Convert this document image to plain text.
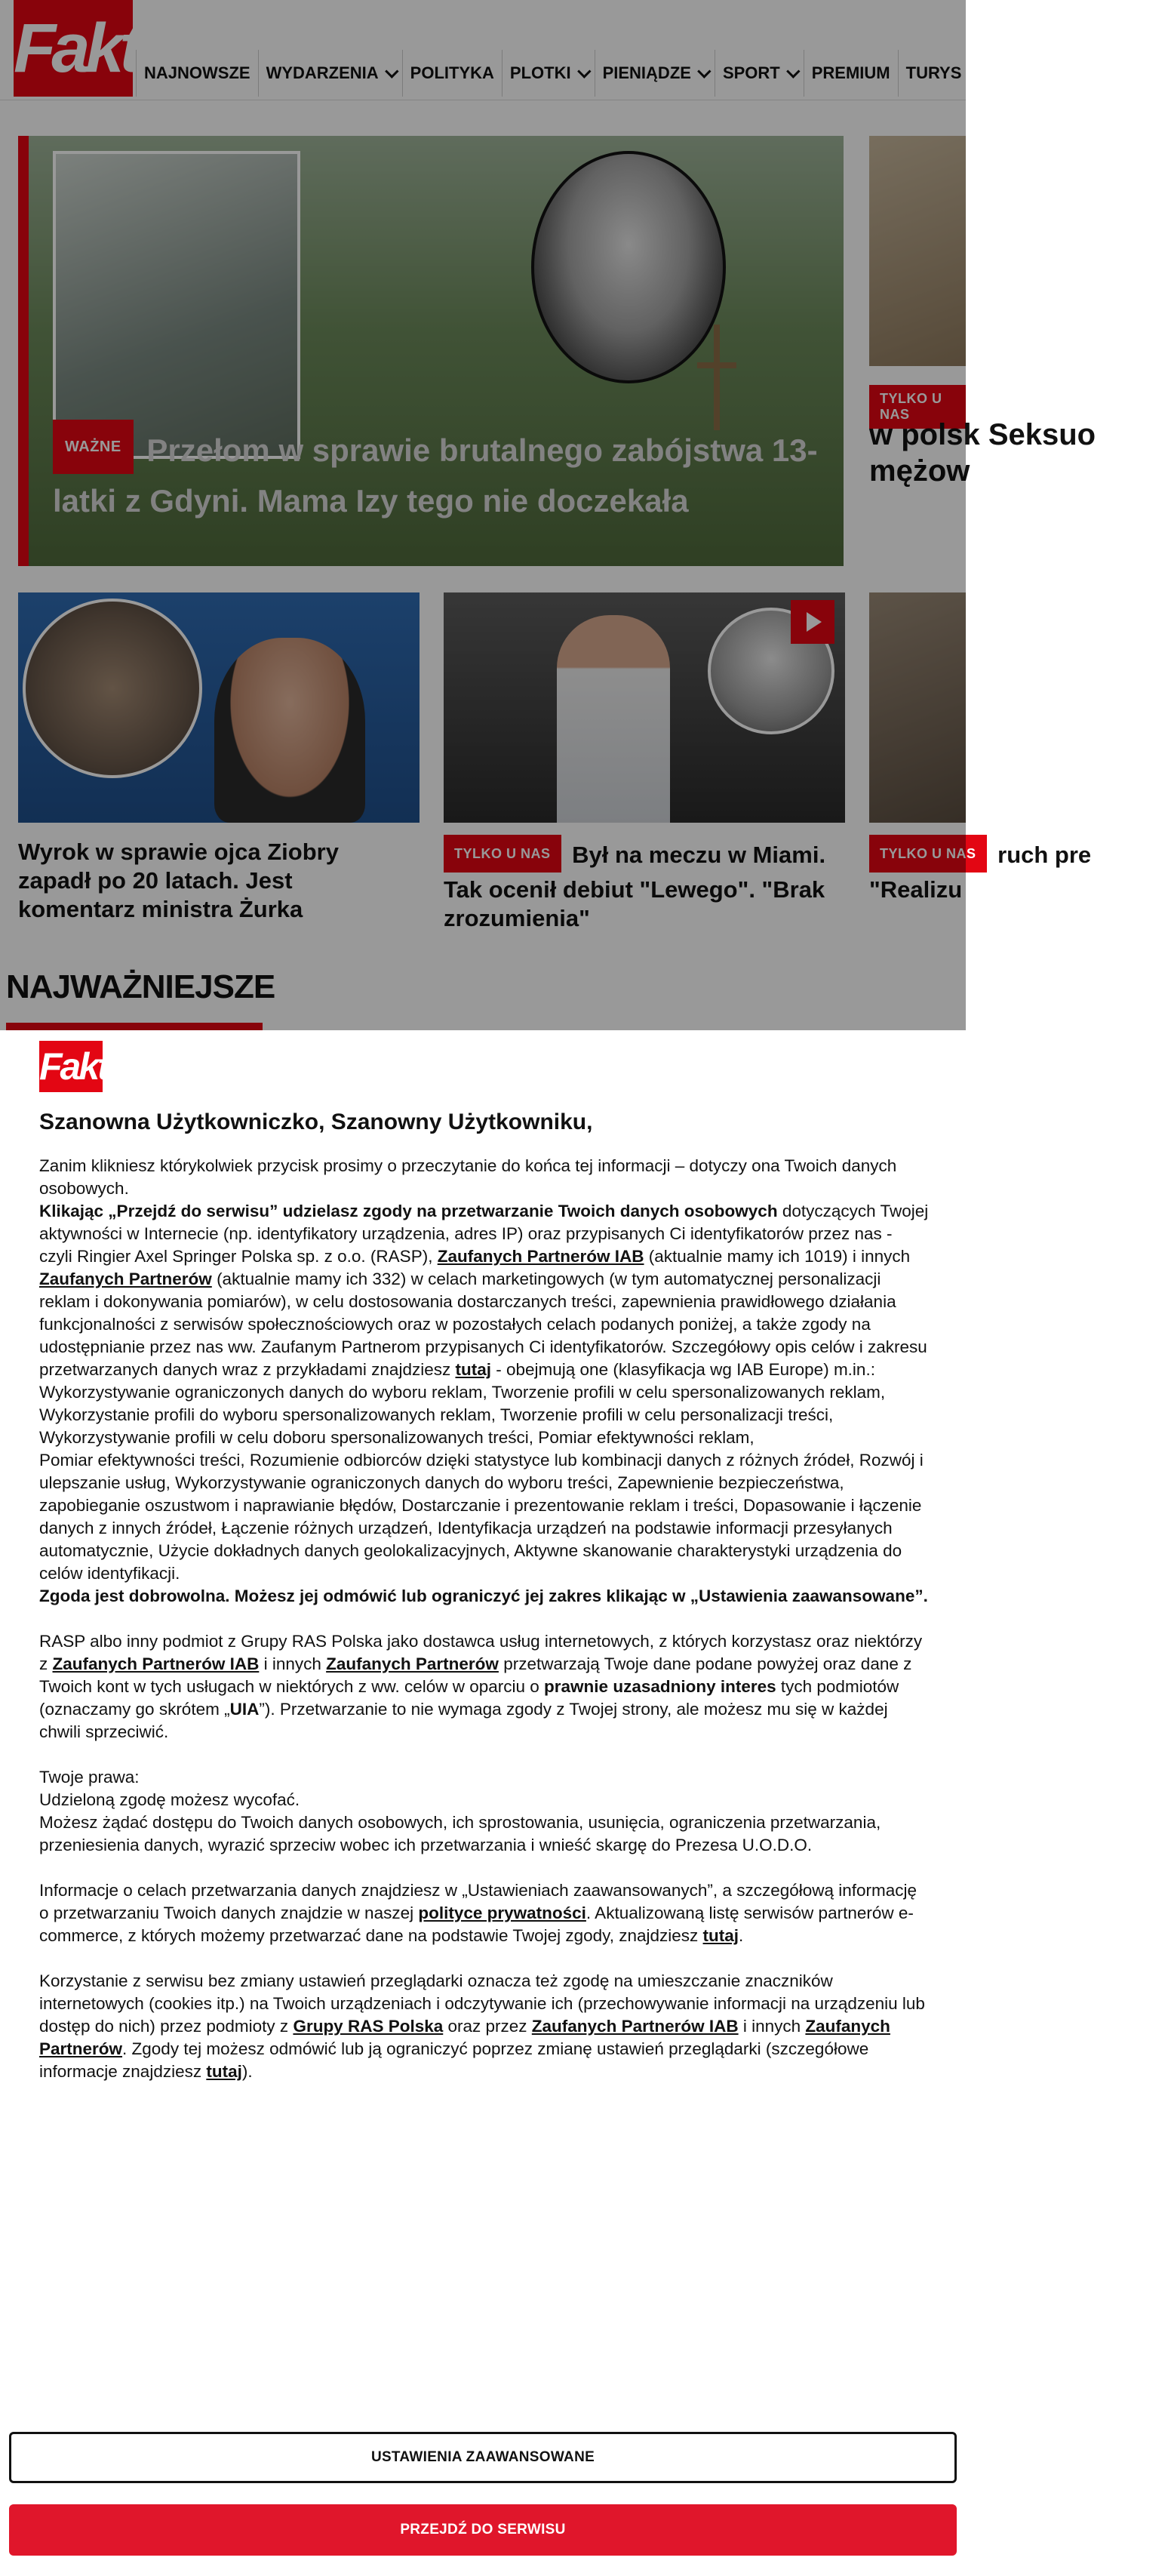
Fakt NAJNOWSZE WYDARZENIA POLITYKA PLOTKI PIENIĄDZE SPORT PREMIUM TURYS
WAŻNE Przełom w sprawie brutalnego zabójstwa 13-latki z Gdyni. Mama Izy tego nie doczekała
TYLKO U NAS
w polsk Seksuo mężow
Wyrok w sprawie ojca Ziobry zapadł po 20 latach. Jest komentarz ministra Żurka
TYLKO U NAS Był na meczu w Miami. Tak ocenił debiut "Lewego". "Brak zrozumienia"
TYLKO U NAS ruch pre "Realizu
NAJWAŻNIEJSZE
Fakt
Szanowna Użytkowniczko, Szanowny Użytkowniku,

Zanim klikniesz którykolwiek przycisk prosimy o przeczytanie do końca tej informacji – dotyczy ona Twoich danych osobowych.

Klikając „Przejdź do serwisu” udzielasz zgody na przetwarzanie Twoich danych osobowych dotyczących Twojej aktywności w Internecie (np. identyfikatory urządzenia, adres IP) oraz przypisanych Ci identyfikatorów przez nas - czyli Ringier Axel Springer Polska sp. z o.o. (RASP), Zaufanych Partnerów IAB (aktualnie mamy ich 1019) i innych Zaufanych Partnerów (aktualnie mamy ich 332) w celach marketingowych (w tym automatycznej personalizacji reklam i dokonywania pomiarów), w celu dostosowania dostarczanych treści, zapewnienia prawidłowego działania funkcjonalności z serwisów społecznościowych oraz w pozostałych celach podanych poniżej, a także zgody na udostępnianie przez nas ww. Zaufanym Partnerom przypisanych Ci identyfikatorów. Szczegółowy opis celów i zakresu przetwarzanych danych wraz z przykładami znajdziesz tutaj - obejmują one (klasyfikacja wg IAB Europe) m.in.: Wykorzystywanie ograniczonych danych do wyboru reklam, Tworzenie profili w celu spersonalizowanych reklam, Wykorzystanie profili do wyboru spersonalizowanych reklam, Tworzenie profili w celu personalizacji treści, Wykorzystywanie profili w celu doboru spersonalizowanych treści, Pomiar efektywności reklam,

Pomiar efektywności treści, Rozumienie odbiorców dzięki statystyce lub kombinacji danych z różnych źródeł, Rozwój i ulepszanie usług, Wykorzystywanie ograniczonych danych do wyboru treści, Zapewnienie bezpieczeństwa, zapobieganie oszustwom i naprawianie błędów, Dostarczanie i prezentowanie reklam i treści, Dopasowanie i łączenie danych z innych źródeł, Łączenie różnych urządzeń, Identyfikacja urządzeń na podstawie informacji przesyłanych automatycznie, Użycie dokładnych danych geolokalizacyjnych, Aktywne skanowanie charakterystyki urządzenia do celów identyfikacji.

Zgoda jest dobrowolna. Możesz jej odmówić lub ograniczyć jej zakres klikając w „Ustawienia zaawansowane”.

RASP albo inny podmiot z Grupy RAS Polska jako dostawca usług internetowych, z których korzystasz oraz niektórzy z Zaufanych Partnerów IAB i innych Zaufanych Partnerów przetwarzają Twoje dane podane powyżej oraz dane z Twoich kont w tych usługach w niektórych z ww. celów w oparciu o prawnie uzasadniony interes tych podmiotów (oznaczamy go skrótem „UIA”). Przetwarzanie to nie wymaga zgody z Twojej strony, ale możesz mu się w każdej chwili sprzeciwić.

Twoje prawa:

Udzieloną zgodę możesz wycofać.

Możesz żądać dostępu do Twoich danych osobowych, ich sprostowania, usunięcia, ograniczenia przetwarzania, przeniesienia danych, wyrazić sprzeciw wobec ich przetwarzania i wnieść skargę do Prezesa U.O.D.O.

Informacje o celach przetwarzania danych znajdziesz w „Ustawieniach zaawansowanych”, a szczegółową informację o przetwarzaniu Twoich danych znajdzie w naszej polityce prywatności. Aktualizowaną listę serwisów partnerów e-commerce, z których możemy przetwarzać dane na podstawie Twojej zgody, znajdziesz tutaj.

Korzystanie z serwisu bez zmiany ustawień przeglądarki oznacza też zgodę na umieszczanie znaczników internetowych (cookies itp.) na Twoich urządzeniach i odczytywanie ich (przechowywanie informacji na urządzeniu lub dostęp do nich) przez podmioty z Grupy RAS Polska oraz przez Zaufanych Partnerów IAB i innych Zaufanych Partnerów. Zgody tej możesz odmówić lub ją ograniczyć poprzez zmianę ustawień przeglądarki (szczegółowe informacje znajdziesz tutaj).

USTAWIENIA ZAAWANSOWANE
PRZEJDŹ DO SERWISU
